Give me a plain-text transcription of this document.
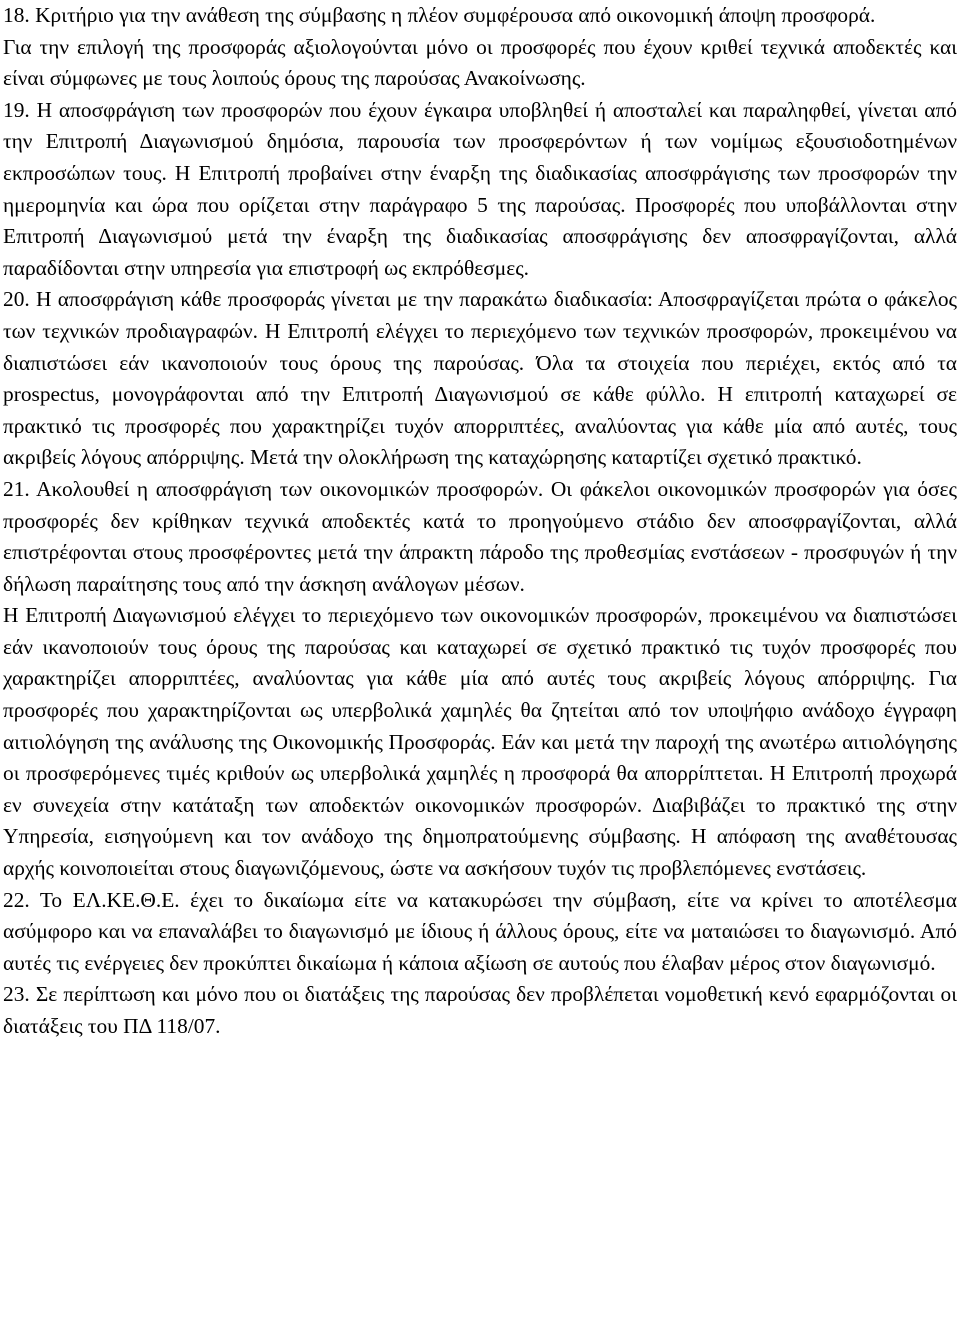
18. Κριτήριο για την ανάθεση της σύμβασης η πλέον συμφέρουσα από οικονομική άποψη προσφορά.

Για την επιλογή της προσφοράς αξιολογούνται μόνο οι προσφορές που έχουν κριθεί τεχνικά αποδεκτές και είναι σύμφωνες με τους λοιπούς όρους της παρούσας Ανακοίνωσης.

19. Η αποσφράγιση των προσφορών που έχουν έγκαιρα υποβληθεί ή αποσταλεί και παραληφθεί, γίνεται από την Επιτροπή Διαγωνισμού δημόσια, παρουσία των προσφερόντων ή των νομίμως εξουσιοδοτημένων εκπροσώπων τους. Η Επιτροπή προβαίνει στην έναρξη της διαδικασίας αποσφράγισης των προσφορών την ημερομηνία και ώρα που ορίζεται στην παράγραφο 5 της παρούσας. Προσφορές που υποβάλλονται στην Επιτροπή Διαγωνισμού μετά την έναρξη της διαδικασίας αποσφράγισης δεν αποσφραγίζονται, αλλά παραδίδονται στην υπηρεσία για επιστροφή ως εκπρόθεσμες.

20. Η αποσφράγιση κάθε προσφοράς γίνεται με την παρακάτω διαδικασία: Αποσφραγίζεται πρώτα ο φάκελος των τεχνικών προδιαγραφών. Η Επιτροπή ελέγχει το περιεχόμενο των τεχνικών προσφορών, προκειμένου να διαπιστώσει εάν ικανοποιούν τους όρους της παρούσας. Όλα τα στοιχεία που περιέχει, εκτός από τα prospectus, μονογράφονται από την Επιτροπή Διαγωνισμού σε κάθε φύλλο. Η επιτροπή καταχωρεί σε πρακτικό τις προσφορές που χαρακτηρίζει τυχόν απορριπτέες, αναλύοντας για κάθε μία από αυτές, τους ακριβείς λόγους απόρριψης. Μετά την ολοκλήρωση της καταχώρησης καταρτίζει σχετικό πρακτικό.

21. Ακολουθεί η αποσφράγιση των οικονομικών προσφορών. Οι φάκελοι οικονομικών προσφορών για όσες προσφορές δεν κρίθηκαν τεχνικά αποδεκτές κατά το προηγούμενο στάδιο δεν αποσφραγίζονται, αλλά επιστρέφονται στους προσφέροντες μετά την άπρακτη πάροδο της προθεσμίας ενστάσεων - προσφυγών ή την δήλωση παραίτησης τους από την άσκηση ανάλογων μέσων.

Η Επιτροπή Διαγωνισμού ελέγχει το περιεχόμενο των οικονομικών προσφορών, προκειμένου να διαπιστώσει εάν ικανοποιούν τους όρους της παρούσας και καταχωρεί σε σχετικό πρακτικό τις τυχόν προσφορές που χαρακτηρίζει απορριπτέες, αναλύοντας για κάθε μία από αυτές τους ακριβείς λόγους απόρριψης. Για προσφορές που χαρακτηρίζονται ως υπερβολικά χαμηλές θα ζητείται από τον υποψήφιο ανάδοχο έγγραφη αιτιολόγηση της ανάλυσης της Οικονομικής Προσφοράς. Εάν και μετά την παροχή της ανωτέρω αιτιολόγησης οι προσφερόμενες τιμές κριθούν ως υπερβολικά χαμηλές η προσφορά θα απορρίπτεται. Η Επιτροπή προχωρά εν συνεχεία στην κατάταξη των αποδεκτών οικονομικών προσφορών. Διαβιβάζει το πρακτικό της στην Υπηρεσία, εισηγούμενη και τον ανάδοχο της δημοπρατούμενης σύμβασης. Η απόφαση της αναθέτουσας αρχής κοινοποιείται στους διαγωνιζόμενους, ώστε να ασκήσουν τυχόν τις προβλεπόμενες ενστάσεις.

22. Το ΕΛ.ΚΕ.Θ.Ε. έχει το δικαίωμα είτε να κατακυρώσει την σύμβαση, είτε να κρίνει το αποτέλεσμα ασύμφορο και να επαναλάβει το διαγωνισμό με ίδιους ή άλλους όρους, είτε να ματαιώσει το διαγωνισμό. Από αυτές τις ενέργειες δεν προκύπτει δικαίωμα ή κάποια αξίωση σε αυτούς που έλαβαν μέρος στον διαγωνισμό.

23. Σε περίπτωση και μόνο που οι διατάξεις της παρούσας δεν προβλέπεται νομοθετική κενό εφαρμόζονται οι διατάξεις του ΠΔ 118/07.
